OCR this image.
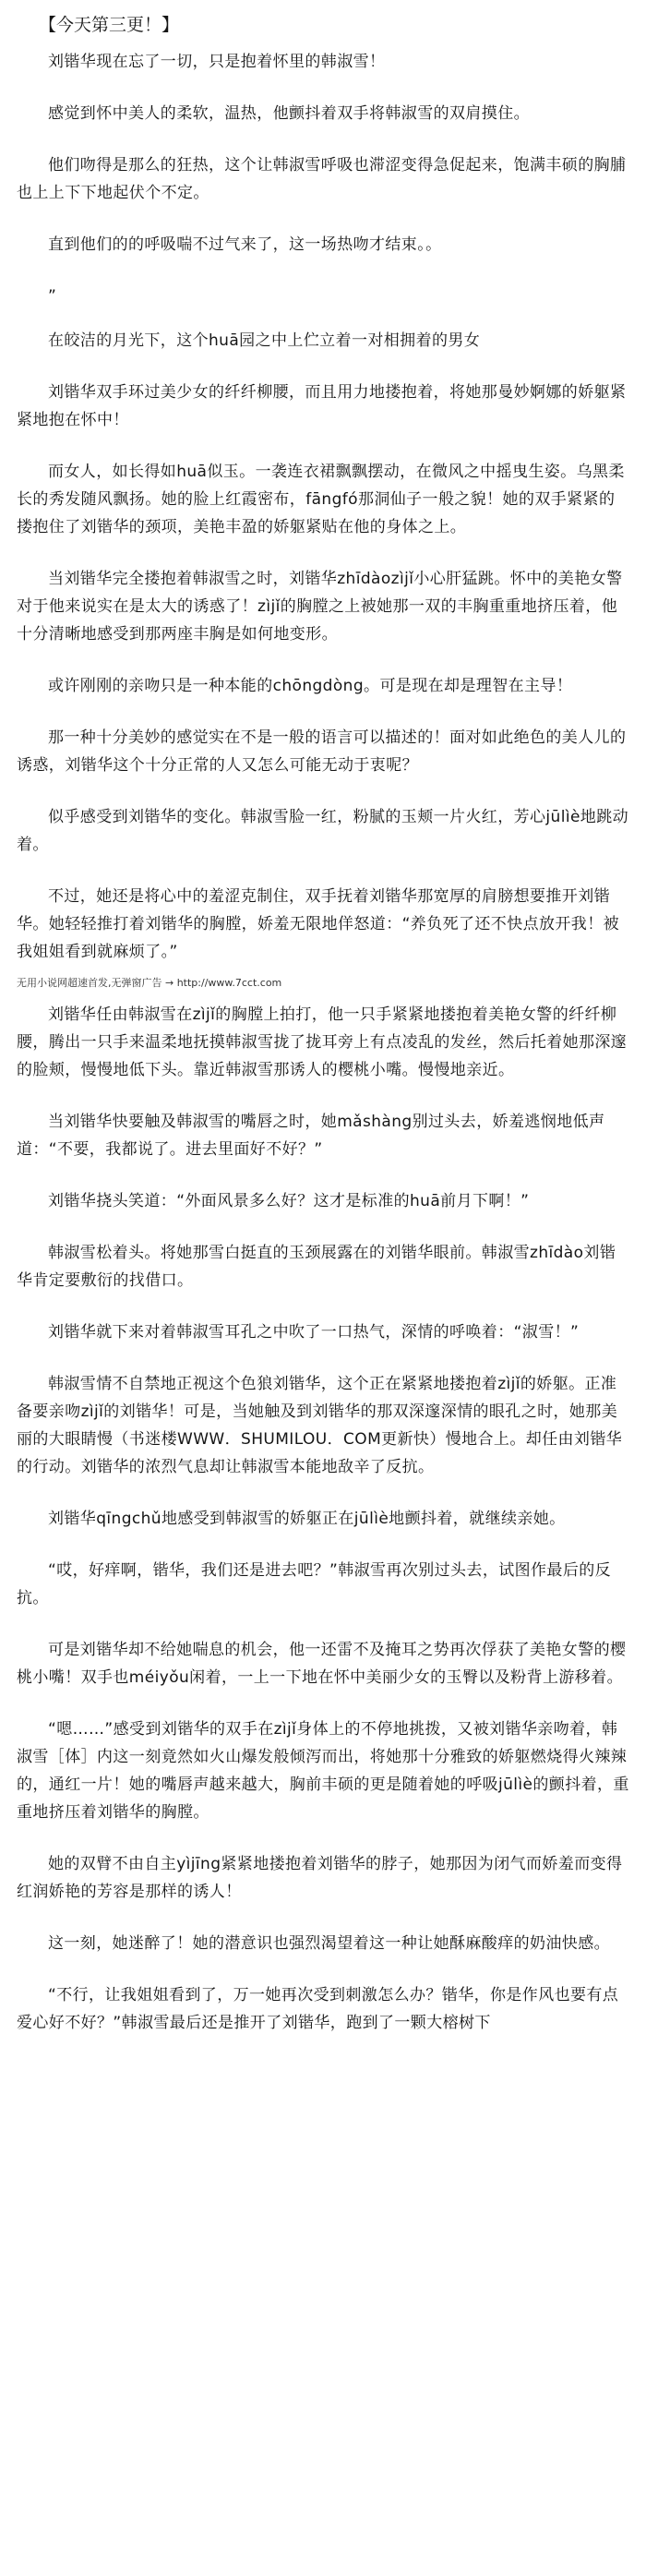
【今天第三更！】

刘锴华现在忘了一切，只是抱着怀里的韩淑雪！

感觉到怀中美人的柔软，温热，他颤抖着双手将韩淑雪的双肩摸住。

他们吻得是那么的狂热，这个让韩淑雪呼吸也滞涩变得急促起来，饱满丰硕的胸脯也上上下下地起伏个不定。

直到他们的的呼吸喘不过气来了，这一场热吻才结束。。

”

在皎洁的月光下，这个huā园之中上伫立着一对相拥着的男女

刘锴华双手环过美少女的纤纤柳腰，而且用力地搂抱着，将她那曼妙婀娜的娇躯紧紧地抱在怀中！

而女人，如长得如huā似玉。一袭连衣裙飘飘摆动，在微风之中摇曳生姿。乌黑柔长的秀发随风飘扬。她的脸上红霞密布，fāngfó那洞仙子一般之貌！她的双手紧紧的搂抱住了刘锴华的颈项，美艳丰盈的娇躯紧贴在他的身体之上。

当刘锴华完全搂抱着韩淑雪之时，刘锴华zhīdàozìjǐ小心肝猛跳。怀中的美艳女警对于他来说实在是太大的诱惑了！zìjǐ的胸膛之上被她那一双的丰胸重重地挤压着，他十分清晰地感受到那两座丰胸是如何地变形。

或许刚刚的亲吻只是一种本能的chōngdòng。可是现在却是理智在主导！

那一种十分美妙的感觉实在不是一般的语言可以描述的！面对如此绝色的美人儿的诱惑，刘锴华这个十分正常的人又怎么可能无动于衷呢？

似乎感受到刘锴华的变化。韩淑雪脸一红，粉腻的玉颊一片火红，芳心jūlìè地跳动着。

不过，她还是将心中的羞涩克制住，双手抚着刘锴华那宽厚的肩膀想要推开刘锴华。她轻轻推打着刘锴华的胸膛，娇羞无限地佯怒道：“养负死了还不快点放开我！被我姐姐看到就麻烦了。”

无用小说网超速首发,无弹窗广告 → http://www.7cct.com

刘锴华任由韩淑雪在zìjǐ的胸膛上拍打，他一只手紧紧地搂抱着美艳女警的纤纤柳腰，腾出一只手来温柔地抚摸韩淑雪拢了拢耳旁上有点凌乱的发丝，然后托着她那深邃的脸颊，慢慢地低下头。靠近韩淑雪那诱人的樱桃小嘴。慢慢地亲近。

当刘锴华快要触及韩淑雪的嘴唇之时，她mǎshàng别过头去，娇羞逃悯地低声道：“不要，我都说了。进去里面好不好？”

刘锴华挠头笑道：“外面风景多么好？这才是标准的huā前月下啊！”

韩淑雪松着头。将她那雪白挺直的玉颈展露在的刘锴华眼前。韩淑雪zhīdào刘锴华肯定要敷衍的找借口。

刘锴华就下来对着韩淑雪耳孔之中吹了一口热气，深情的呼唤着：“淑雪！”

韩淑雪情不自禁地正视这个色狼刘锴华，这个正在紧紧地搂抱着zìjǐ的娇躯。正准备要亲吻zìjǐ的刘锴华！可是，当她触及到刘锴华的那双深邃深情的眼孔之时，她那美丽的大眼睛慢（书迷楼WWW．SHUMILOU．COM更新快）慢地合上。却任由刘锴华的行动。刘锴华的浓烈气息却让韩淑雪本能地敌辛了反抗。

刘锴华qīngchǔ地感受到韩淑雪的娇躯正在jūlìè地颤抖着，就继续亲她。

“哎，好痒啊，锴华，我们还是进去吧？”韩淑雪再次别过头去，试图作最后的反抗。

可是刘锴华却不给她喘息的机会，他一还雷不及掩耳之势再次俘获了美艳女警的樱桃小嘴！双手也méiyǒu闲着，一上一下地在怀中美丽少女的玉臀以及粉背上游移着。

“嗯……”感受到刘锴华的双手在zìjǐ身体上的不停地挑拨，又被刘锴华亲吻着，韩淑雪［体］内这一刻竟然如火山爆发般倾泻而出，将她那十分雅致的娇躯燃烧得火辣辣的，通红一片！她的嘴唇声越来越大，胸前丰硕的更是随着她的呼吸jūlìè的颤抖着，重重地挤压着刘锴华的胸膛。

她的双臂不由自主yìjīng紧紧地搂抱着刘锴华的脖子，她那因为闭气而娇羞而变得红润娇艳的芳容是那样的诱人！

这一刻，她迷醉了！她的潜意识也强烈渴望着这一种让她酥麻酸痒的奶油快感。

“不行，让我姐姐看到了，万一她再次受到刺激怎么办？锴华，你是作风也要有点爱心好不好？”韩淑雪最后还是推开了刘锴华，跑到了一颗大榕树下
